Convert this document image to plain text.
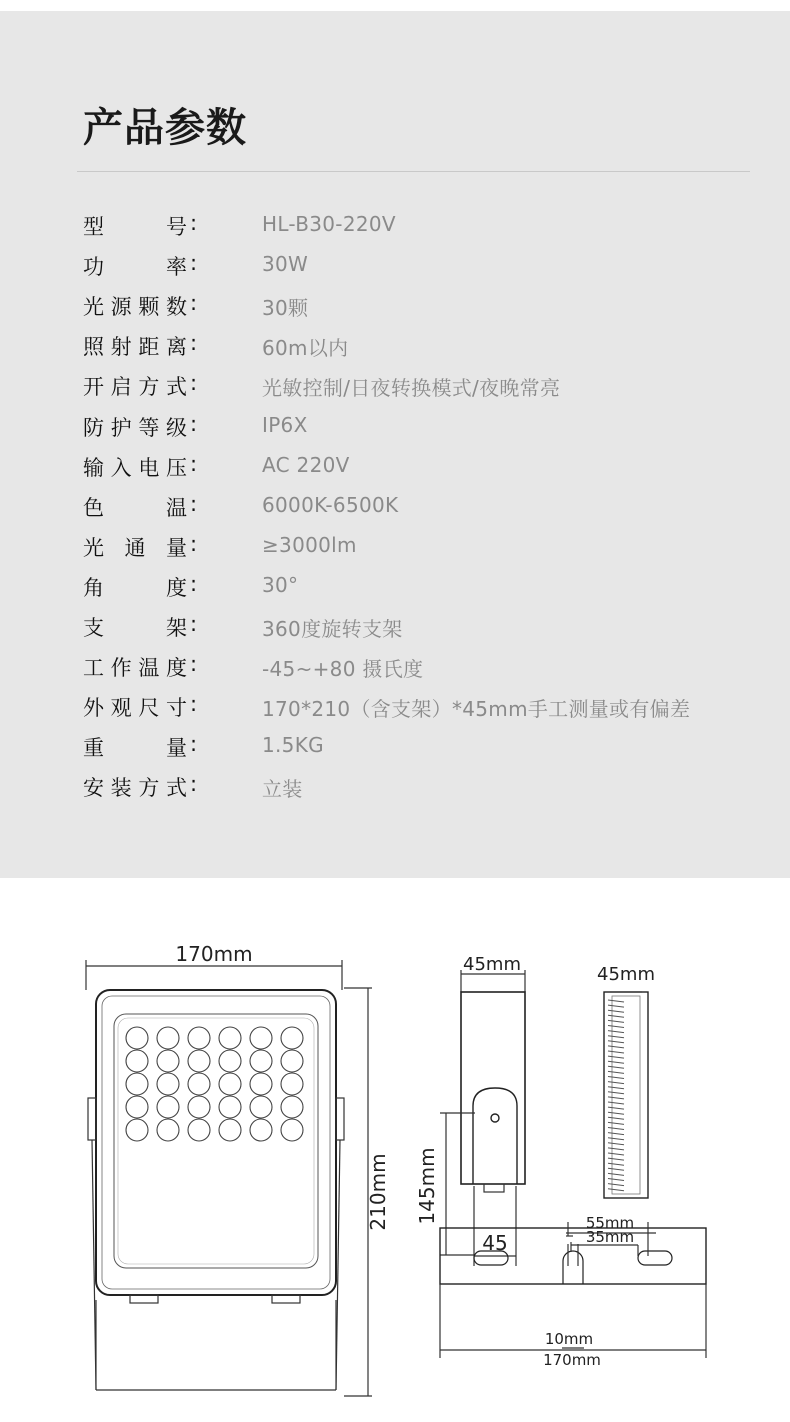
产品参数
型	号 :	HL-B30-220V
功	率 :	30W
光 源 颗 数 :	30颗
照 射 距 离 :	60m以内
开 启 方 式 :	光敏控制/日夜转换模式/夜晚常亮
防 护 等 级 :	IP6X
输 入 电 压 :	AC 220V
色	温 :	6000K-6500K
光 通 量 :	≥3000lm
角	度 :	30°
支	架 :	360度旋转支架
工 作 温 度 :	-45~+80 摄氏度
外 观 尺 寸 :	170*210（含支架）*45mm手工测量或有偏差
重	量 :	1.5KG
安 装 方 式 :	立装
170mm
210mm
45mm
145mm
45
45mm
55mm
35mm
10mm
170mm
